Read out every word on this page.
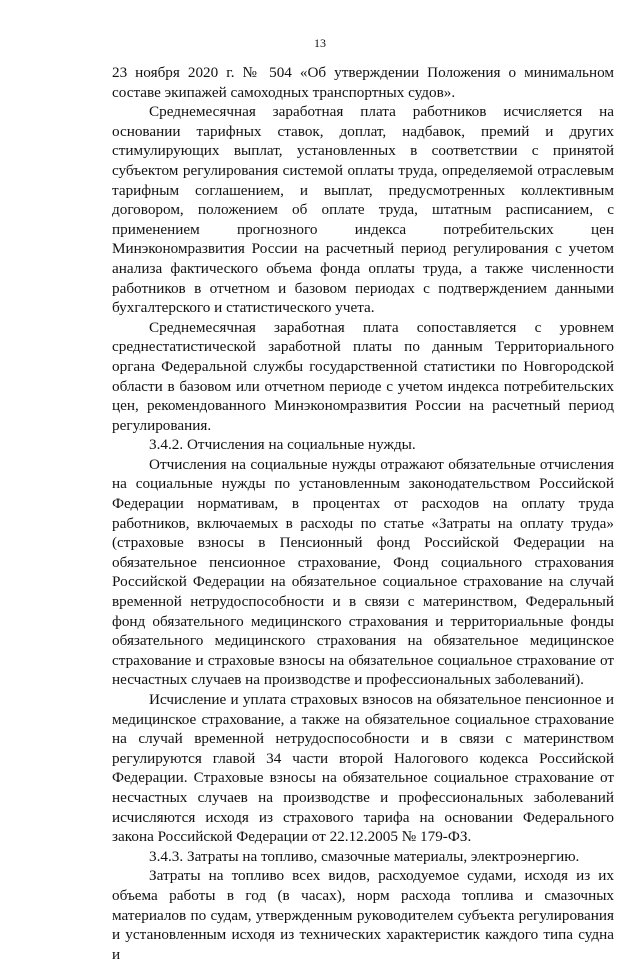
13

23 ноября 2020 г. № 504 «Об утверждении Положения о минимальном составе экипажей самоходных транспортных судов».

Среднемесячная заработная плата работников исчисляется на основании тарифных ставок, доплат, надбавок, премий и других стимулирующих выплат, установленных в соответствии с принятой субъектом регулирования системой оплаты труда, определяемой отраслевым тарифным соглашением, и выплат, предусмотренных коллективным договором, положением об оплате труда, штатным расписанием, с применением прогнозного индекса потребительских цен Минэкономразвития России на расчетный период регулирования с учетом анализа фактического объема фонда оплаты труда, а также численности работников в отчетном и базовом периодах с подтверждением данными бухгалтерского и статистического учета.

Среднемесячная заработная плата сопоставляется с уровнем среднестатистической заработной платы по данным Территориального органа Федеральной службы государственной статистики по Новгородской области в базовом или отчетном периоде с учетом индекса потребительских цен, рекомендованного Минэкономразвития России на расчетный период регулирования.

3.4.2. Отчисления на социальные нужды.

Отчисления на социальные нужды отражают обязательные отчисления на социальные нужды по установленным законодательством Российской Федерации нормативам, в процентах от расходов на оплату труда работников, включаемых в расходы по статье «Затраты на оплату труда» (страховые взносы в Пенсионный фонд Российской Федерации на обязательное пенсионное страхование, Фонд социального страхования Российской Федерации на обязательное социальное страхование на случай временной нетрудоспособности и в связи с материнством, Федеральный фонд обязательного медицинского страхования и территориальные фонды обязательного медицинского страхования на обязательное медицинское страхование и страховые взносы на обязательное социальное страхование от несчастных случаев на производстве и профессиональных заболеваний).

Исчисление и уплата страховых взносов на обязательное пенсионное и медицинское страхование, а также на обязательное социальное страхование на случай временной нетрудоспособности и в связи с материнством регулируются главой 34 части второй Налогового кодекса Российской Федерации. Страховые взносы на обязательное социальное страхование от несчастных случаев на производстве и профессиональных заболеваний исчисляются исходя из страхового тарифа на основании Федерального закона Российской Федерации от 22.12.2005 № 179-ФЗ.

3.4.3. Затраты на топливо, смазочные материалы, электроэнергию.

Затраты на топливо всех видов, расходуемое судами, исходя из их объема работы в год (в часах), норм расхода топлива и смазочных материалов по судам, утвержденным руководителем субъекта регулирования и установленным исходя из технических характеристик каждого типа судна и
